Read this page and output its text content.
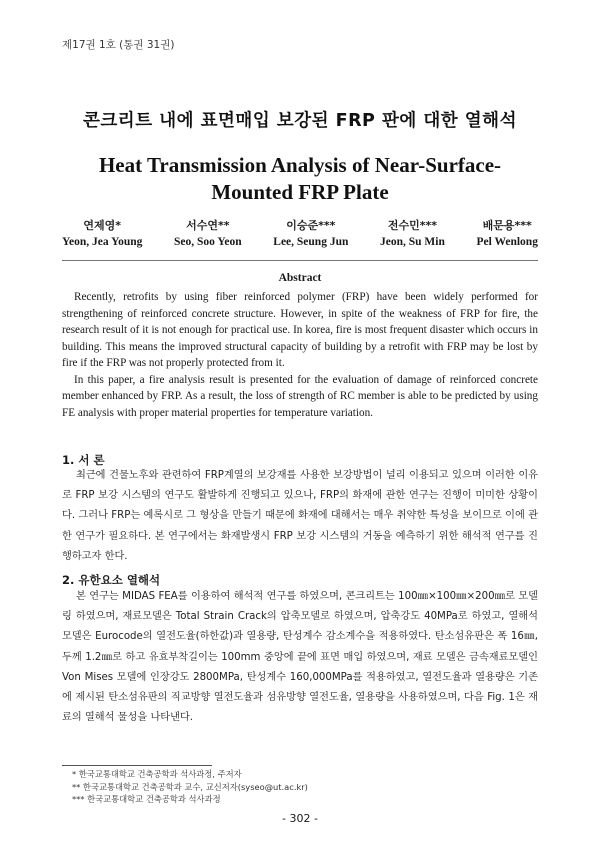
제17권 1호 (통권 31권)
콘크리트 내에 표면매입 보강된 FRP 판에 대한 열해석
Heat Transmission Analysis of Near-Surface-Mounted FRP Plate
연제영*
Yeon, Jea Young
서수연**
Seo, Soo Yeon
이승준***
Lee, Seung Jun
전수민***
Jeon, Su Min
배문용***
Pel Wenlong
Abstract

Recently, retrofits by using fiber reinforced polymer (FRP) have been widely performed for strengthening of reinforced concrete structure. However, in spite of the weakness of FRP for fire, the research result of it is not enough for practical use. In korea, fire is most frequent disaster which occurs in building. This means the improved structural capacity of building by a retrofit with FRP may be lost by fire if the FRP was not properly protected from it.

In this paper, a fire analysis result is presented for the evaluation of damage of reinforced concrete member enhanced by FRP. As a result, the loss of strength of RC member is able to be predicted by using FE analysis with proper material properties for temperature variation.

1. 서 론

최근에 건물노후와 관련하여 FRP계열의 보강재를 사용한 보강방법이 널리 이용되고 있으며 이러한 이유로 FRP 보강 시스템의 연구도 활발하게 진행되고 있으나, FRP의 화재에 관한 연구는 진행이 미미한 상황이다. 그러나 FRP는 예록시로 그 형상을 만들기 때문에 화재에 대해서는 매우 취약한 특성을 보이므로 이에 관한 연구가 필요하다. 본 연구에서는 화재발생시 FRP 보강 시스템의 거동을 예측하기 위한 해석적 연구를 진행하고자 한다.

2. 유한요소 열해석

본 연구는 MIDAS FEA를 이용하여 해석적 연구를 하였으며, 콘크리트는 100㎜×100㎜×200㎜로 모델링 하였으며, 재료모델은 Total Strain Crack의 압축모델로 하였으며, 압축강도 40MPa로 하였고, 열해석 모델은 Eurocode의 열전도율(하한값)과 열용량, 탄성계수 감소계수을 적용하였다. 탄소섬유판은 폭 16㎜, 두께 1.2㎜로 하고 유효부착길이는 100mm 중앙에 끝에 표면 매입 하였으며, 재료 모델은 금속재료모델인 Von Mises 모델에 인장강도 2800MPa, 탄성계수 160,000MPa를 적용하였고, 열전도율과 열용량은 기존에 제시된 탄소섬유판의 직교방향 열전도율과 섬유방향 열전도율, 열용량을 사용하였으며, 다음 Fig. 1은 재료의 열해석 물성을 나타낸다.

* 한국교통대학교 건축공학과 석사과정, 주저자
** 한국교통대학교 건축공학과 교수, 교신저자(syseo@ut.ac.kr)
*** 한국교통대학교 건축공학과 석사과정
- 302 -
